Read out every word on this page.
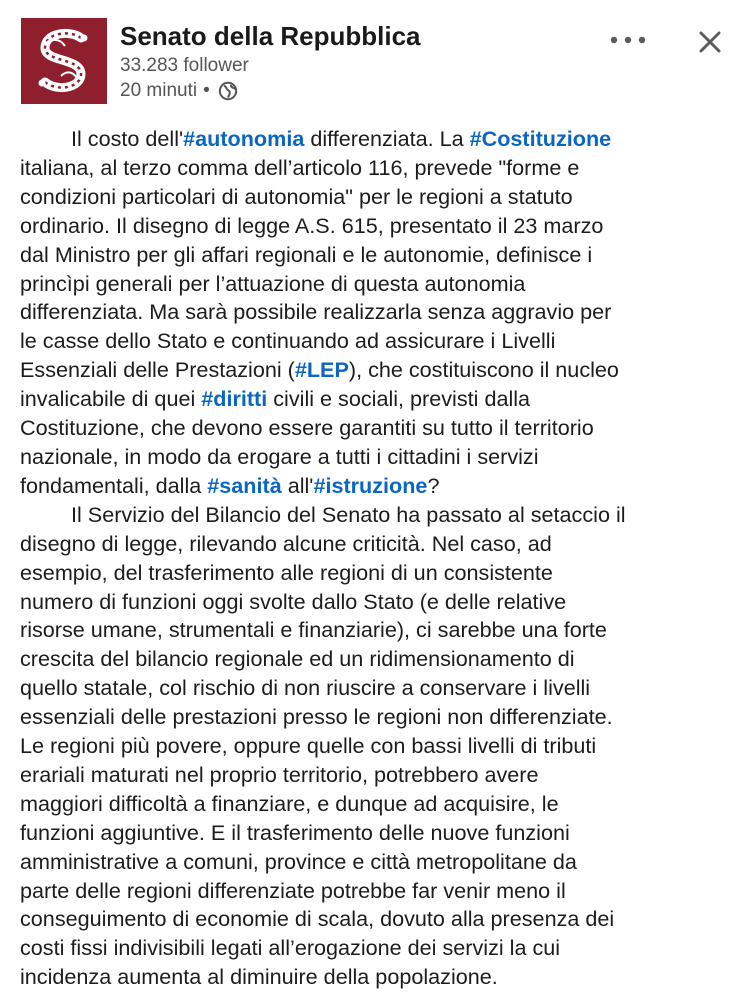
Senato della Repubblica
33.283 follower
20 minuti •

Il costo dell'#autonomia differenziata. La #Costituzione
italiana, al terzo comma dell’articolo 116, prevede "forme e
condizioni particolari di autonomia" per le regioni a statuto
ordinario. Il disegno di legge A.S. 615, presentato il 23 marzo
dal Ministro per gli affari regionali e le autonomie, definisce i
princìpi generali per l’attuazione di questa autonomia
differenziata. Ma sarà possibile realizzarla senza aggravio per
le casse dello Stato e continuando ad assicurare i Livelli
Essenziali delle Prestazioni (#LEP), che costituiscono il nucleo
invalicabile di quei #diritti civili e sociali, previsti dalla
Costituzione, che devono essere garantiti su tutto il territorio
nazionale, in modo da erogare a tutti i cittadini i servizi
fondamentali, dalla #sanità all'#istruzione?

Il Servizio del Bilancio del Senato ha passato al setaccio il
disegno di legge, rilevando alcune criticità. Nel caso, ad
esempio, del trasferimento alle regioni di un consistente
numero di funzioni oggi svolte dallo Stato (e delle relative
risorse umane, strumentali e finanziarie), ci sarebbe una forte
crescita del bilancio regionale ed un ridimensionamento di
quello statale, col rischio di non riuscire a conservare i livelli
essenziali delle prestazioni presso le regioni non differenziate.
Le regioni più povere, oppure quelle con bassi livelli di tributi
erariali maturati nel proprio territorio, potrebbero avere
maggiori difficoltà a finanziare, e dunque ad acquisire, le
funzioni aggiuntive. E il trasferimento delle nuove funzioni
amministrative a comuni, province e città metropolitane da
parte delle regioni differenziate potrebbe far venir meno il
conseguimento di economie di scala, dovuto alla presenza dei
costi fissi indivisibili legati all’erogazione dei servizi la cui
incidenza aumenta al diminuire della popolazione.
